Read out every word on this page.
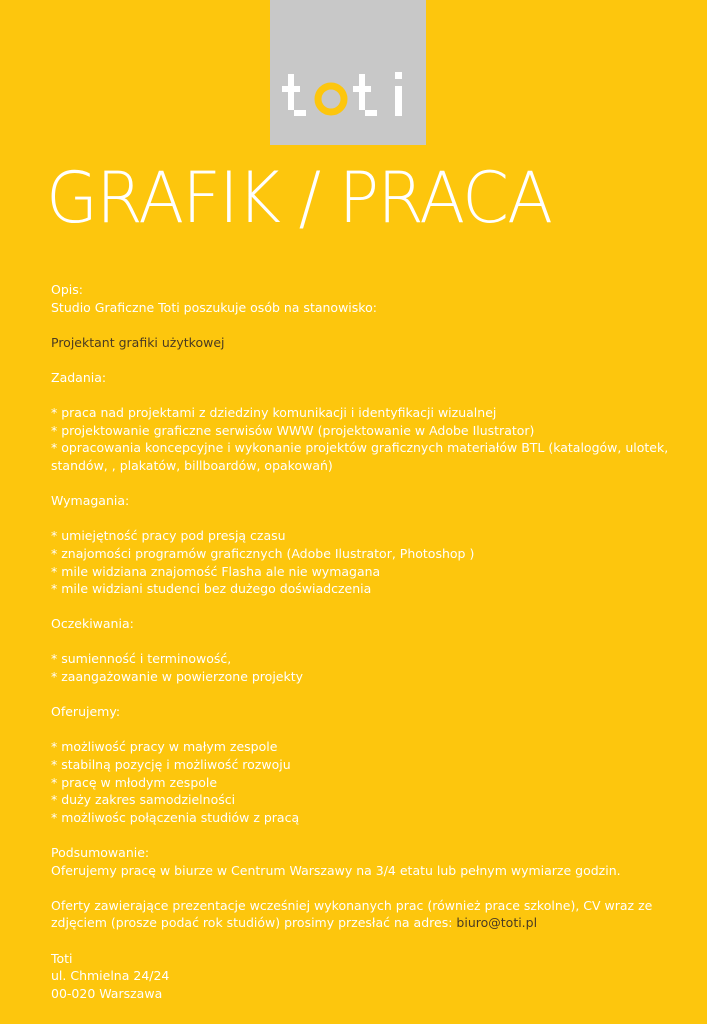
GRAFIK / PRACA

Opis:

Studio Graficzne Toti poszukuje osób na stanowisko:

Projektant grafiki użytkowej

Zadania:

* praca nad projektami z dziedziny komunikacji i identyfikacji wizualnej
* projektowanie graficzne serwisów WWW (projektowanie w Adobe Ilustrator)
* opracowania koncepcyjne i wykonanie projektów graficznych materiałów BTL (katalogów, ulotek, standów, , plakatów, billboardów, opakowań)

Wymagania:

* umiejętność pracy pod presją czasu
* znajomości programów graficznych (Adobe Ilustrator, Photoshop )
* mile widziana znajomość Flasha ale nie wymagana
* mile widziani studenci bez dużego doświadczenia

Oczekiwania:

* sumienność i terminowość,
* zaangażowanie w powierzone projekty

Oferujemy:

* możliwość pracy w małym zespole
* stabilną pozycję i możliwość rozwoju
* pracę w młodym zespole
* duży zakres samodzielności
* możliwośc połączenia studiów z pracą

Podsumowanie:

Oferujemy pracę w biurze w Centrum Warszawy na 3/4 etatu lub pełnym wymiarze godzin.

Oferty zawierające prezentacje wcześniej wykonanych prac (również prace szkolne), CV wraz ze zdjęciem (prosze podać rok studiów) prosimy przesłać na adres: biuro@toti.pl

Toti

ul. Chmielna 24/24

00-020 Warszawa
